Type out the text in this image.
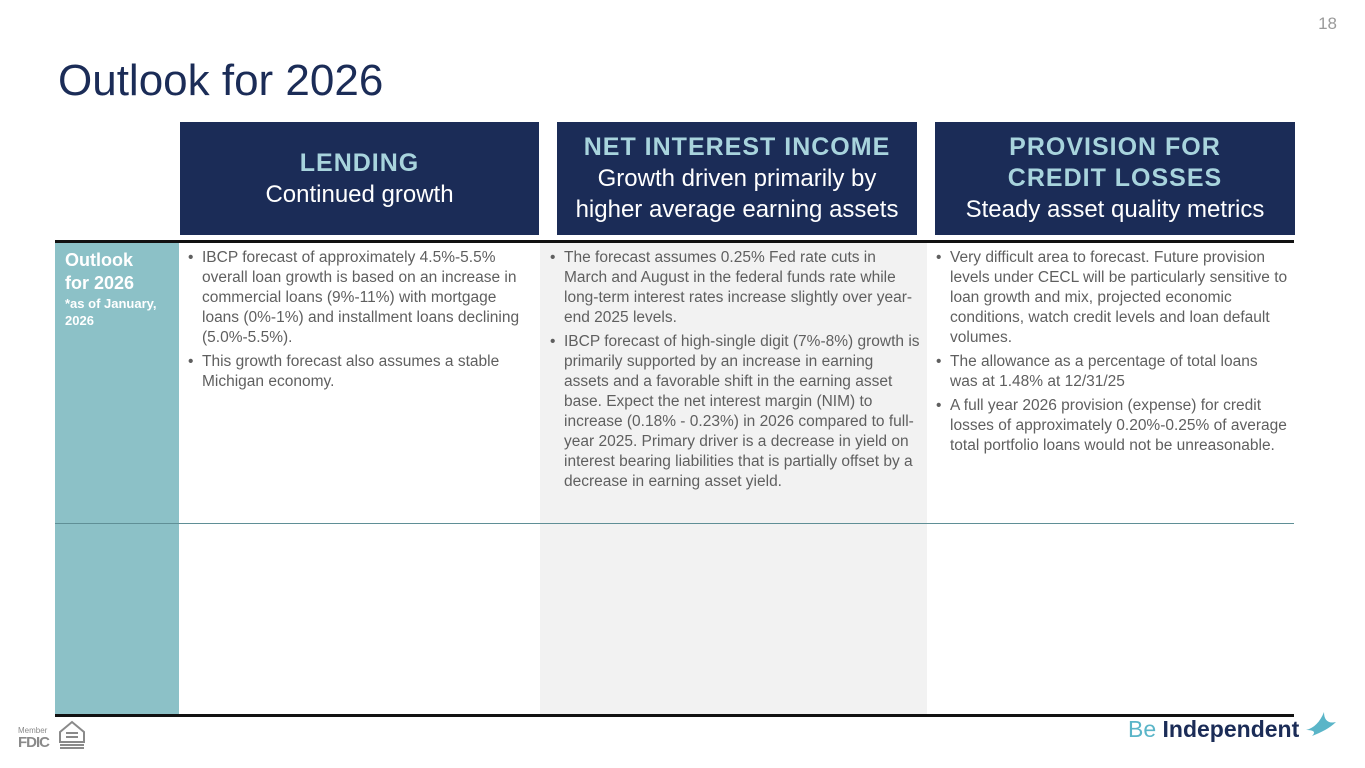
18
Outlook for 2026
LENDING
Continued growth
NET INTEREST INCOME
Growth driven primarily by higher average earning assets
PROVISION FOR CREDIT LOSSES
Steady asset quality metrics
Outlook for 2026
*as of January, 2026
• IBCP forecast of approximately 4.5%-5.5% overall loan growth is based on an increase in commercial loans (9%-11%) with mortgage loans (0%-1%) and installment loans declining (5.0%-5.5%).
• This growth forecast also assumes a stable Michigan economy.
• The forecast assumes 0.25% Fed rate cuts in March and August in the federal funds rate while long-term interest rates increase slightly over year-end 2025 levels.
• IBCP forecast of high-single digit (7%-8%) growth is primarily supported by an increase in earning assets and a favorable shift in the earning asset base. Expect the net interest margin (NIM) to increase (0.18% - 0.23%) in 2026 compared to full-year 2025. Primary driver is a decrease in yield on interest bearing liabilities that is partially offset by a decrease in earning asset yield.
• Very difficult area to forecast. Future provision levels under CECL will be particularly sensitive to loan growth and mix, projected economic conditions, watch credit levels and loan default volumes.
• The allowance as a percentage of total loans was at 1.48% at 12/31/25
• A full year 2026 provision (expense) for credit losses of approximately 0.20%-0.25% of average total portfolio loans would not be unreasonable.
Member
FDIC
Be Independent
